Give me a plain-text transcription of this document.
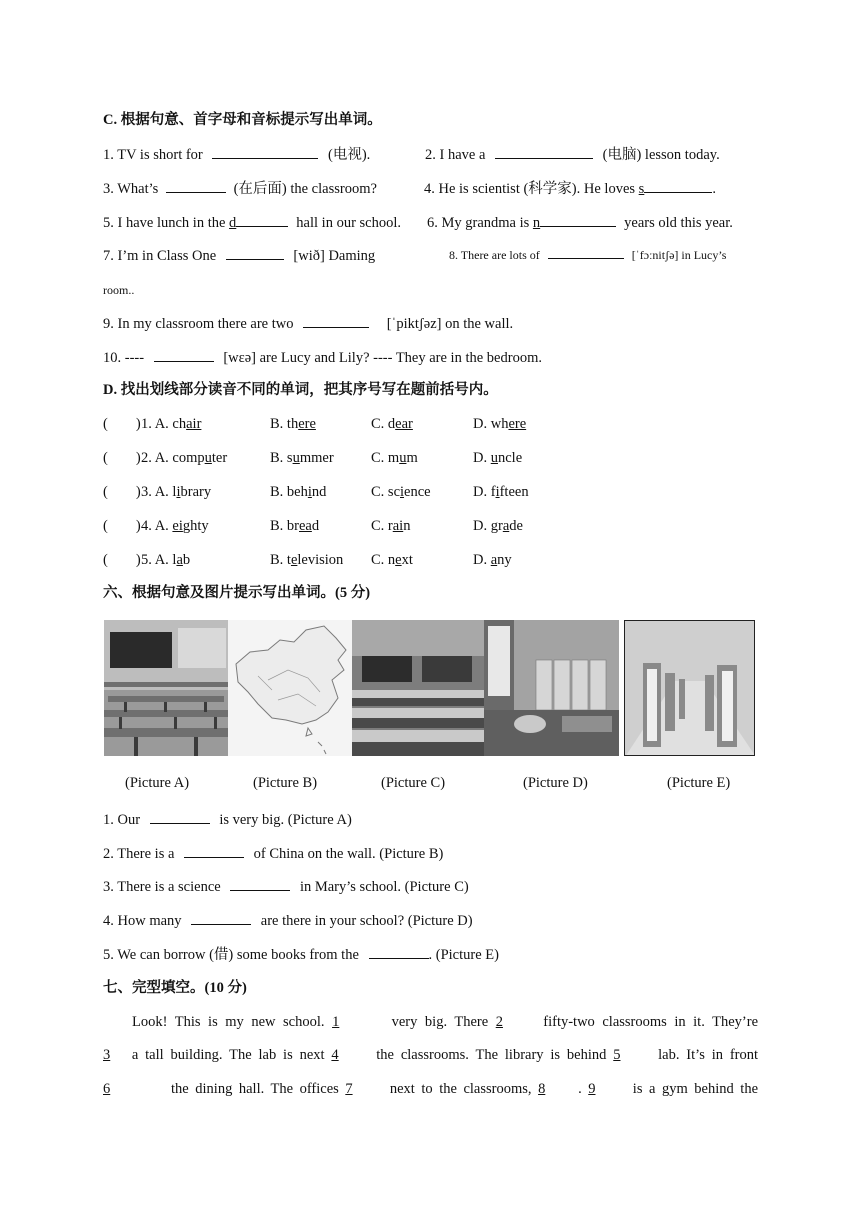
C. 根据句意、首字母和音标提示写出单词。
1. TV is short for	(电视).	2. I have a	(电脑) lesson today.
3. What’s	(在后面) the classroom?	4. He is scientist (科学家). He loves s	.
5. I have lunch in the d	hall in our school. 6. My grandma is n	years old this year.
7. I’m in Class One	[wið] Daming	8. There are lots of	[ˈfɔːnitʃə] in Lucy’s
room..
9. In my classroom there are two	[ˈpiktʃəz] on the wall.
10. ----	[wɛə] are Lucy and Lily? ---- They are in the bedroom.
D. 找出划线部分读音不同的单词，把其序号写在题前括号内。
( ) 1. A. chair	B. there	C. dear	D. where
( ) 2. A. computer	B. summer	C. mum	D. uncle
( ) 3. A. library	B. behind	C. science	D. fifteen
( ) 4. A. eighty	B. bread	C. rain	D. grade
( ) 5. A. lab	B. television C. next	D. any
六、根据句意及图片提示写出单词。(5 分)
(Picture A)	(Picture B)	(Picture C)	(Picture D)	(Picture E)
1. Our	is very big. (Picture A)
2. There is a	of China on the wall. (Picture B)
3. There is a science	in Mary’s school. (Picture C)
4. How many	are there in your school? (Picture D)
5. We can borrow (借) some books from the	. (Picture E)
七、完型填空。(10 分)
Look! This is my new school. 1	very big. There 2	fifty-two classrooms in it. They’re
3 a tall building. The lab is next 4	the classrooms. The library is behind 5	lab. It’s in front
6	the dining hall. The offices 7	next to the classrooms, 8 . 9	is a gym behind the
